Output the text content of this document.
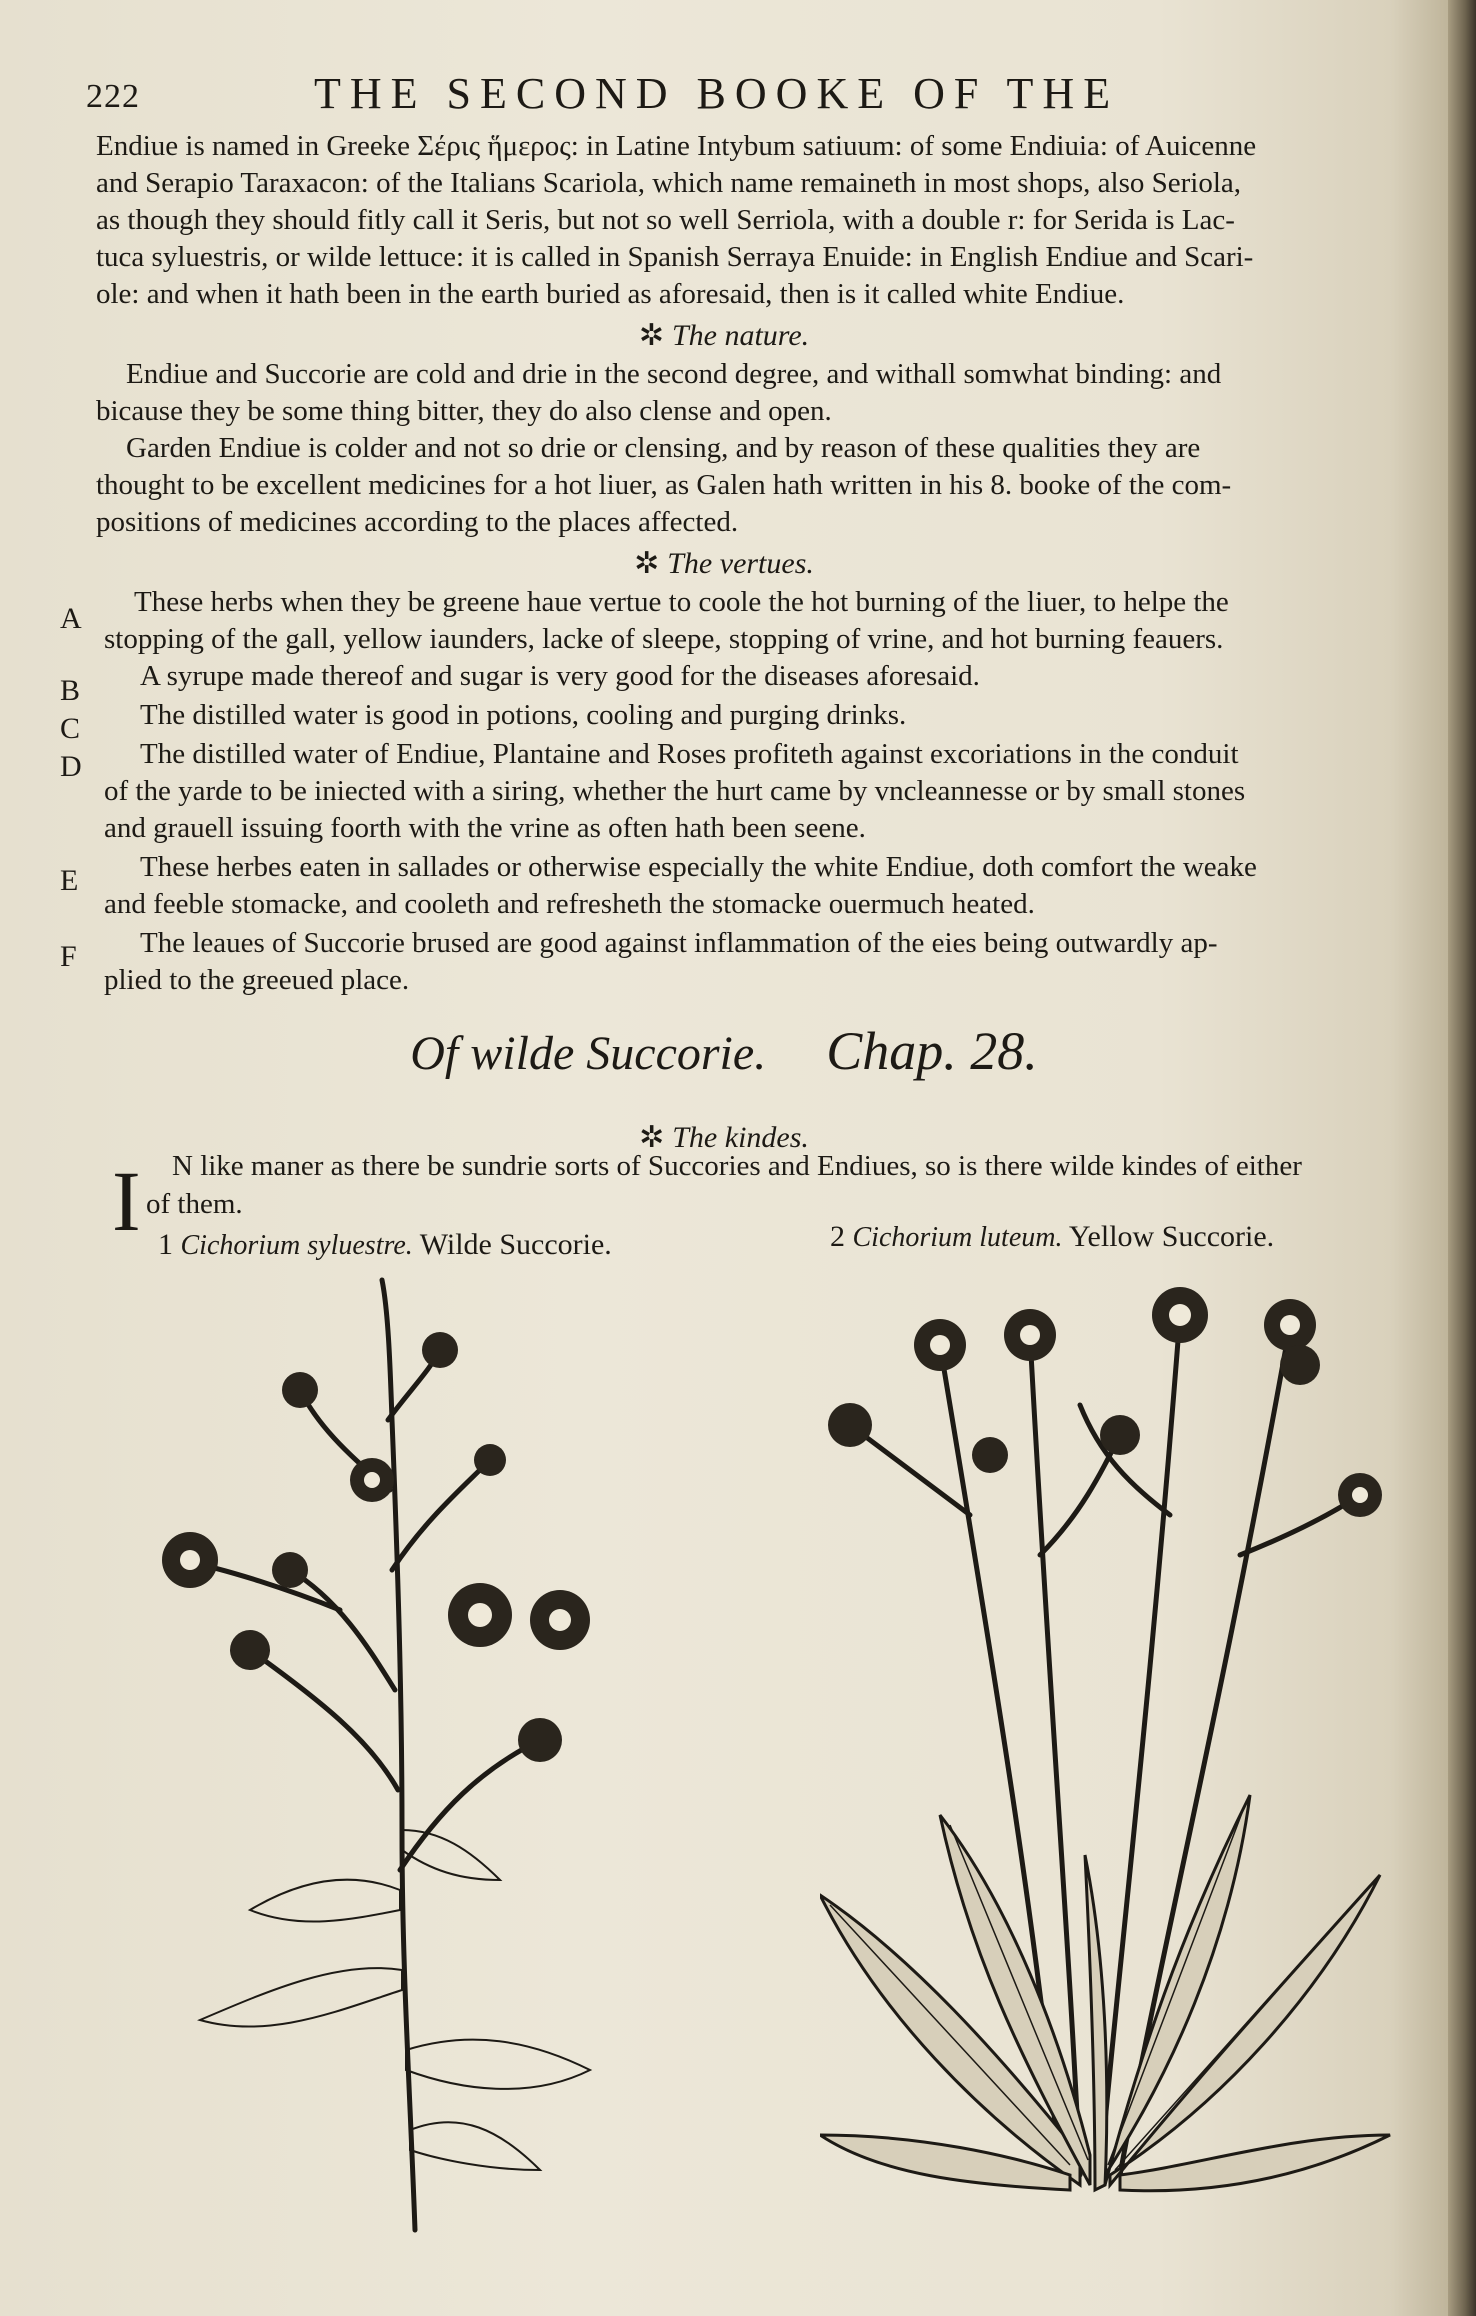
222	THE SECOND BOOKE OF THE
Endiue is named in Greeke Σέρις ἥμερος: in Latine Intybum satiuum: of some Endiuia: of Auicenne
and Serapio Taraxacon: of the Italians Scariola, which name remaineth in most shops, also Seriola,
as though they should fitly call it Seris, but not so well Serriola, with a double r: for Serida is Lac-
tuca syluestris, or wilde lettuce: it is called in Spanish Serraya Enuide: in English Endiue and Scari-
ole: and when it hath been in the earth buried as aforesaid, then is it called white Endiue.
✲ The nature.
Endiue and Succorie are cold and drie in the second degree, and withall somwhat binding: and
bicause they be some thing bitter, they do also clense and open.
Garden Endiue is colder and not so drie or clensing, and by reason of these qualities they are
thought to be excellent medicines for a hot liuer, as Galen hath written in his 8. booke of the com-
positions of medicines according to the places affected.
✲ The vertues.
A	These herbs when they be greene haue vertue to coole the hot burning of the liuer, to helpe the
stopping of the gall, yellow iaunders, lacke of sleepe, stopping of vrine, and hot burning feauers.
B	A syrupe made thereof and sugar is very good for the diseases aforesaid.
C	The distilled water is good in potions, cooling and purging drinks.
D	The distilled water of Endiue, Plantaine and Roses profiteth against excoriations in the conduit
of the yarde to be iniected with a siring, whether the hurt came by vncleannesse or by small stones
and grauell issuing foorth with the vrine as often hath been seene.
E	These herbes eaten in sallades or otherwise especially the white Endiue, doth comfort the weake
and feeble stomacke, and cooleth and refresheth the stomacke ouermuch heated.
F	The leaues of Succorie brused are good against inflammation of the eies being outwardly ap-
plied to the greeued place.
Of wilde Succorie. Chap. 28.
✲ The kindes.
I N like maner as there be sundrie sorts of Succories and Endiues, so is there wilde kindes of either
of them.
1 Cichorium syluestre. Wilde Succorie.	2 Cichorium luteum. Yellow Succorie.
